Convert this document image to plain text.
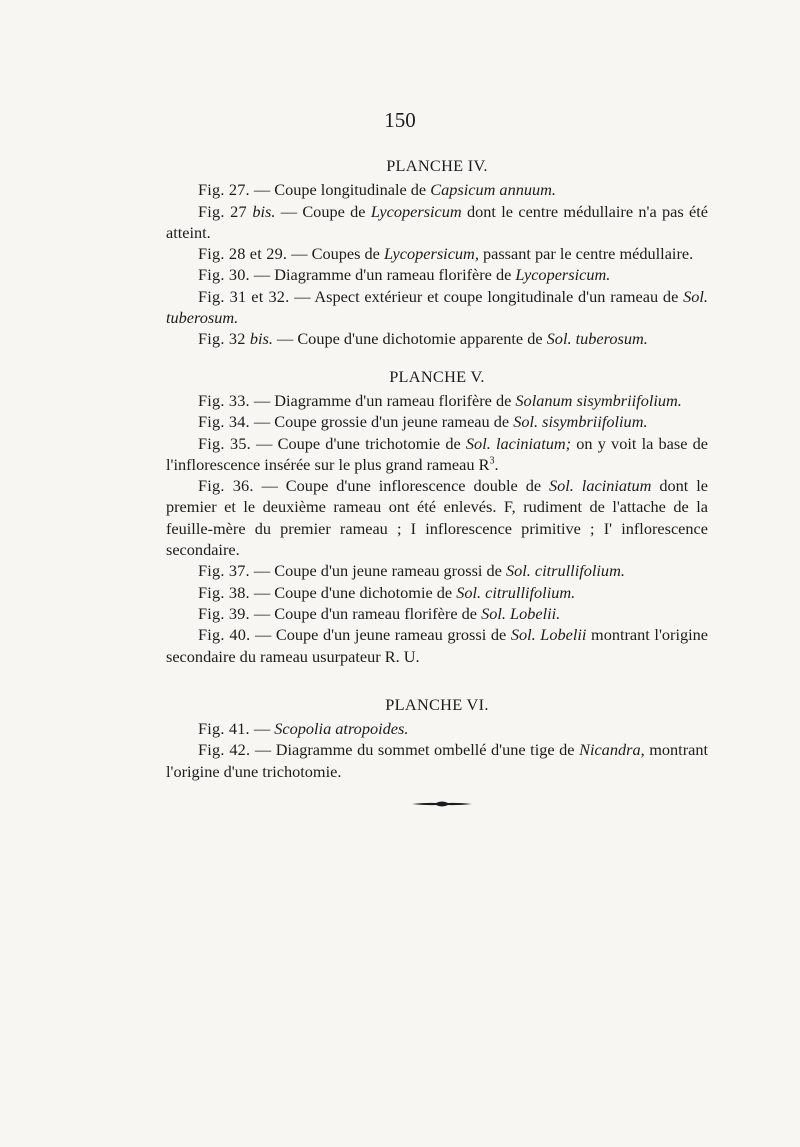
150
PLANCHE IV.

Fig. 27. — Coupe longitudinale de Capsicum annuum.

Fig. 27 bis. — Coupe de Lycopersicum dont le centre médullaire n'a pas été atteint.

Fig. 28 et 29. — Coupes de Lycopersicum, passant par le centre médullaire.

Fig. 30. — Diagramme d'un rameau florifère de Lycopersicum.

Fig. 31 et 32. — Aspect extérieur et coupe longitudinale d'un rameau de Sol. tuberosum.

Fig. 32 bis. — Coupe d'une dichotomie apparente de Sol. tuberosum.

PLANCHE V.

Fig. 33. — Diagramme d'un rameau florifère de Solanum sisymbriifolium.

Fig. 34. — Coupe grossie d'un jeune rameau de Sol. sisymbriifolium.

Fig. 35. — Coupe d'une trichotomie de Sol. laciniatum; on y voit la base de l'inflorescence insérée sur le plus grand rameau $R^3$.

Fig. 36. — Coupe d'une inflorescence double de Sol. laciniatum dont le premier et le deuxième rameau ont été enlevés. F, rudiment de l'attache de la feuille-mère du premier rameau ; I inflorescence primitive ; I' inflorescence secondaire.

Fig. 37. — Coupe d'un jeune rameau grossi de Sol. citrullifolium.

Fig. 38. — Coupe d'une dichotomie de Sol. citrullifolium.

Fig. 39. — Coupe d'un rameau florifère de Sol. Lobelii.

Fig. 40. — Coupe d'un jeune rameau grossi de Sol. Lobelii montrant l'origine secondaire du rameau usurpateur R. U.

PLANCHE VI.

Fig. 41. — Scopolia atropoides.

Fig. 42. — Diagramme du sommet ombellé d'une tige de Nicandra, montrant l'origine d'une trichotomie.
